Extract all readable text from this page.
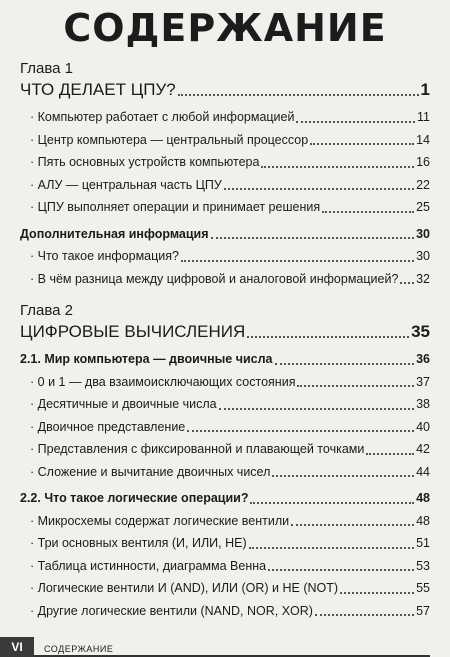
СОДЕРЖАНИЕ
Глава 1
ЧТО ДЕЛАЕТ ЦПУ?	1
· Компьютер работает с любой информацией	11
· Центр компьютера — центральный процессор	14
· Пять основных устройств компьютера	16
· АЛУ — центральная часть ЦПУ	22
· ЦПУ выполняет операции и принимает решения	25
Дополнительная информация	30
· Что такое информация?	30
· В чём разница между цифровой и аналоговой информацией? 32
Глава 2
ЦИФРОВЫЕ ВЫЧИСЛЕНИЯ	35
2.1. Мир компьютера — двоичные числа	36
· 0 и 1 — два взаимоисключающих состояния	37
· Десятичные и двоичные числа	38
· Двоичное представление	40
· Представления с фиксированной и плавающей точками	42
· Сложение и вычитание двоичных чисел	44
2.2. Что такое логические операции?	48
· Микросхемы содержат логические вентили	48
· Три основных вентиля (И, ИЛИ, НЕ)	51
· Таблица истинности, диаграмма Венна	53
· Логические вентили И (AND), ИЛИ (OR) и НЕ (NOT)	55
· Другие логические вентили (NAND, NOR, XOR)	57
VI	СОДЕРЖАНИЕ
